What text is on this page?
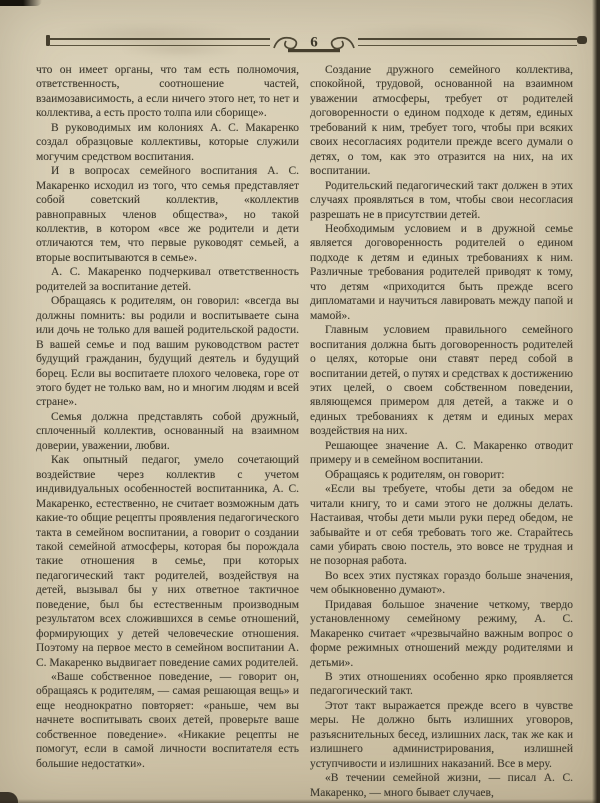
6

что он имеет органы, что там есть полномочия, ответственность, соотношение частей, взаимозависимость, а если ничего этого нет, то нет и коллектива, а есть просто толпа или сборище».

В руководимых им колониях А. С. Макаренко создал образцовые коллективы, которые служили могучим средством воспитания.

И в вопросах семейного воспитания А. С. Макаренко исходил из того, что семья представляет собой советский коллектив, «коллектив равноправных членов общества», но такой коллектив, в котором «все же родители и дети отличаются тем, что первые руководят семьей, а вторые воспитываются в семье».

А. С. Макаренко подчеркивал ответственность родителей за воспитание детей.

Обращаясь к родителям, он говорил: «всегда вы должны помнить: вы родили и воспитываете сына или дочь не только для вашей родительской радости. В вашей семье и под вашим руководством растет будущий гражданин, будущий деятель и будущий борец. Если вы воспитаете плохого человека, горе от этого будет не только вам, но и многим людям и всей стране».

Семья должна представлять собой дружный, сплоченный коллектив, основанный на взаимном доверии, уважении, любви.

Как опытный педагог, умело сочетающий воздействие через коллектив с учетом индивидуальных особенностей воспитанника, А. С. Макаренко, естественно, не считает возможным дать какие-то общие рецепты проявления педагогического такта в семейном воспитании, а говорит о создании такой семейной атмосферы, которая бы порождала такие отношения в семье, при которых педагогический такт родителей, воздействуя на детей, вызывал бы у них ответное тактичное поведение, был бы естественным производным результатом всех сложившихся в семье отношений, формирующих у детей человеческие отношения. Поэтому на первое место в семейном воспитании А. С. Макаренко выдвигает поведение самих родителей.

«Ваше собственное поведение, — говорит он, обращаясь к родителям, — самая решающая вещь» и еще неоднократно повторяет: «раньше, чем вы начнете воспитывать своих детей, проверьте ваше собственное поведение». «Никакие рецепты не помогут, если в самой личности воспитателя есть большие недостатки».

Создание дружного семейного коллектива, спокойной, трудовой, основанной на взаимном уважении атмосферы, требует от родителей договоренности о едином подходе к детям, единых требований к ним, требует того, чтобы при всяких своих несогласиях родители прежде всего думали о детях, о том, как это отразится на них, на их воспитании.

Родительский педагогический такт должен в этих случаях проявляться в том, чтобы свои несогласия разрешать не в присутствии детей.

Необходимым условием и в дружной семье является договоренность родителей о едином подходе к детям и единых требованиях к ним. Различные требования родителей приводят к тому, что детям «приходится быть прежде всего дипломатами и научиться лавировать между папой и мамой».

Главным условием правильного семейного воспитания должна быть договоренность родителей о целях, которые они ставят перед собой в воспитании детей, о путях и средствах к достижению этих целей, о своем собственном поведении, являющемся примером для детей, а также и о единых требованиях к детям и единых мерах воздействия на них.

Решающее значение А. С. Макаренко отводит примеру и в семейном воспитании.

Обращаясь к родителям, он говорит:

«Если вы требуете, чтобы дети за обедом не читали книгу, то и сами этого не должны делать. Настаивая, чтобы дети мыли руки перед обедом, не забывайте и от себя требовать того же. Старайтесь сами убирать свою постель, это вовсе не трудная и не позорная работа.

Во всех этих пустяках гораздо больше значения, чем обыкновенно думают».

Придавая большое значение четкому, твердо установленному семейному режиму, А. С. Макаренко считает «чрезвычайно важным вопрос о форме режимных отношений между родителями и детьми».

В этих отношениях особенно ярко проявляется педагогический такт.

Этот такт выражается прежде всего в чувстве меры. Не должно быть излишних уговоров, разъяснительных бесед, излишних ласк, так же как и излишнего администрирования, излишней уступчивости и излишних наказаний. Все в меру.

«В течении семейной жизни, — писал А. С. Макаренко, — много бывает случаев,
